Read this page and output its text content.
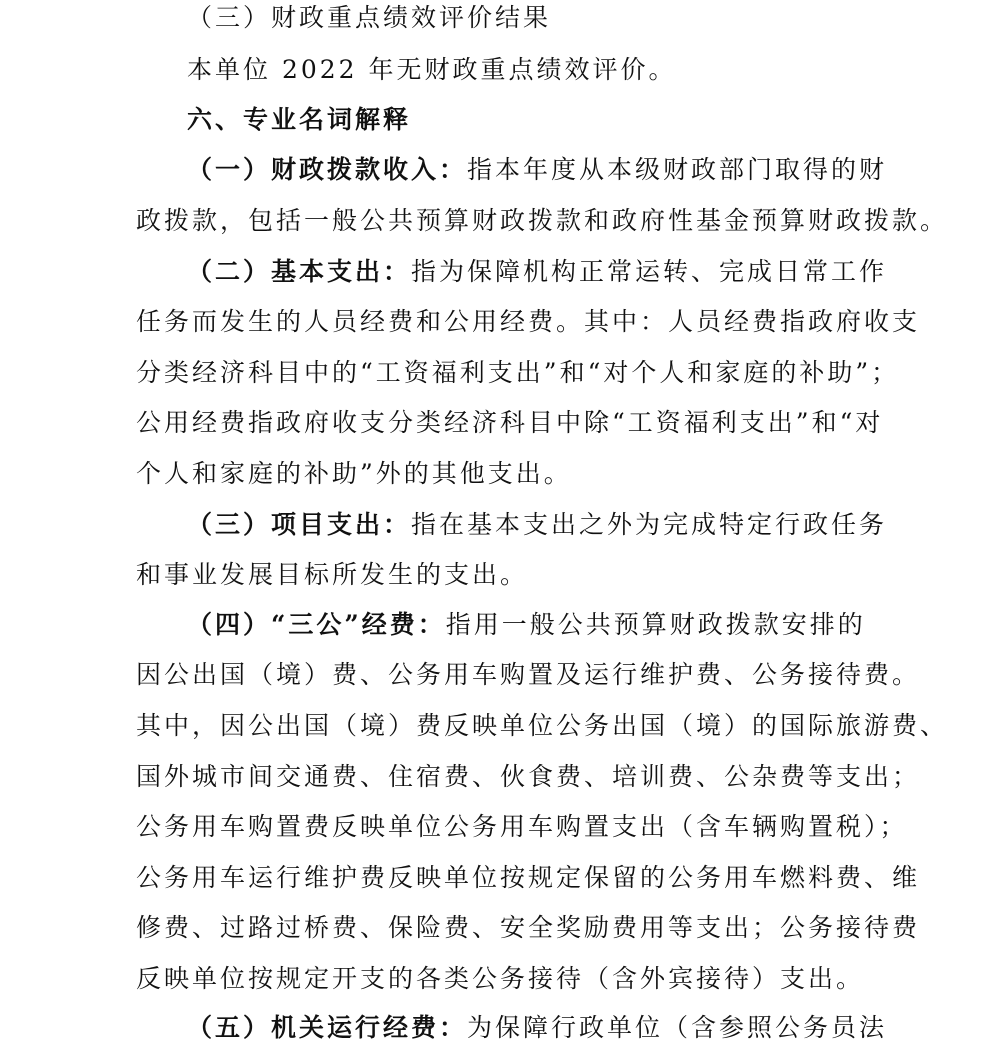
（三）财政重点绩效评价结果
本单位 2022 年无财政重点绩效评价。
六、专业名词解释
（一）财政拨款收入：指本年度从本级财政部门取得的财
政拨款，包括一般公共预算财政拨款和政府性基金预算财政拨款。
（二）基本支出：指为保障机构正常运转、完成日常工作
任务而发生的人员经费和公用经费。其中：人员经费指政府收支
分类经济科目中的“工资福利支出”和“对个人和家庭的补助”；
公用经费指政府收支分类经济科目中除“工资福利支出”和“对
个人和家庭的补助”外的其他支出。
（三）项目支出：指在基本支出之外为完成特定行政任务
和事业发展目标所发生的支出。
（四）“三公”经费：指用一般公共预算财政拨款安排的
因公出国（境）费、公务用车购置及运行维护费、公务接待费。
其中，因公出国（境）费反映单位公务出国（境）的国际旅游费、
国外城市间交通费、住宿费、伙食费、培训费、公杂费等支出；
公务用车购置费反映单位公务用车购置支出（含车辆购置税）；
公务用车运行维护费反映单位按规定保留的公务用车燃料费、维
修费、过路过桥费、保险费、安全奖励费用等支出；公务接待费
反映单位按规定开支的各类公务接待（含外宾接待）支出。
（五）机关运行经费：为保障行政单位（含参照公务员法
